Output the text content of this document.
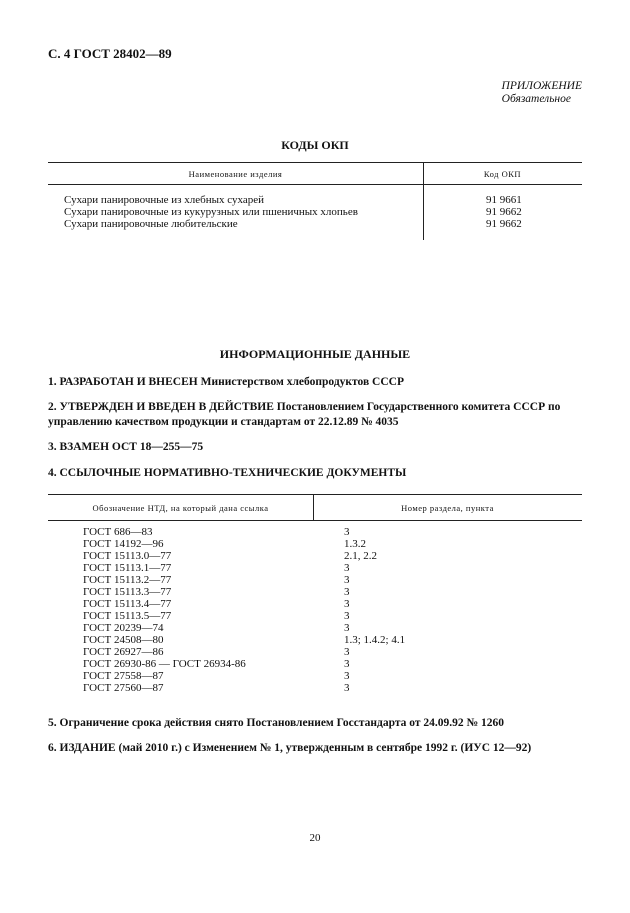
С. 4 ГОСТ 28402—89
ПРИЛОЖЕНИЕ
Обязательное
КОДЫ ОКП
Наименование изделия	Код ОКП
Сухари панировочные из хлебных сухарей	91 9661
Сухари панировочные из кукурузных или пшеничных хлопьев	91 9662
Сухари панировочные любительские	91 9662
ИНФОРМАЦИОННЫЕ ДАННЫЕ
1. РАЗРАБОТАН И ВНЕСЕН Министерством хлебопродуктов СССР
2. УТВЕРЖДЕН И ВВЕДЕН В ДЕЙСТВИЕ Постановлением Государственного комитета СССР по управлению качеством продукции и стандартам от 22.12.89 № 4035
3. ВЗАМЕН ОСТ 18—255—75
4. ССЫЛОЧНЫЕ НОРМАТИВНО-ТЕХНИЧЕСКИЕ ДОКУМЕНТЫ
Обозначение НТД, на который дана ссылка	Номер раздела, пункта
ГОСТ 686—83	3
ГОСТ 14192—96	1.3.2
ГОСТ 15113.0—77	2.1, 2.2
ГОСТ 15113.1—77	3
ГОСТ 15113.2—77	3
ГОСТ 15113.3—77	3
ГОСТ 15113.4—77	3
ГОСТ 15113.5—77	3
ГОСТ 20239—74	3
ГОСТ 24508—80	1.3; 1.4.2; 4.1
ГОСТ 26927—86	3
ГОСТ 26930-86 — ГОСТ 26934-86	3
ГОСТ 27558—87	3
ГОСТ 27560—87	3
5. Ограничение срока действия снято Постановлением Госстандарта от 24.09.92 № 1260
6. ИЗДАНИЕ (май 2010 г.) с Изменением № 1, утвержденным в сентябре 1992 г. (ИУС 12—92)
20
